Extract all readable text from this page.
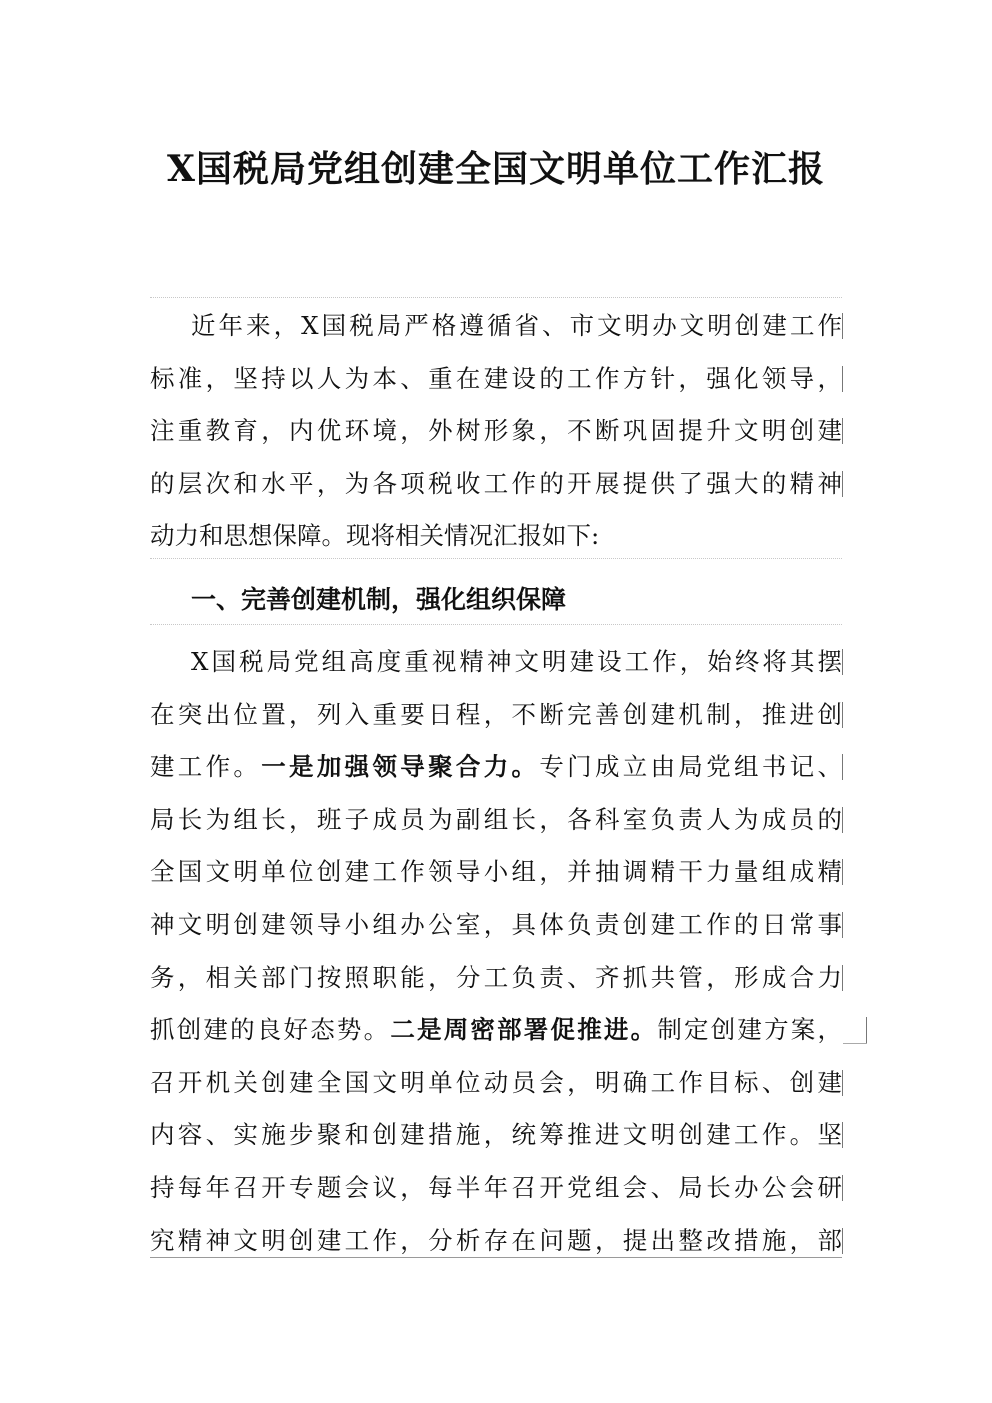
X国税局党组创建全国文明单位工作汇报
近年来，X国税局严格遵循省、市文明办文明创建工作
标准，坚持以人为本、重在建设的工作方针，强化领导，
注重教育，内优环境，外树形象，不断巩固提升文明创建
的层次和水平，为各项税收工作的开展提供了强大的精神
动力和思想保障。现将相关情况汇报如下:
一、完善创建机制，强化组织保障
X国税局党组高度重视精神文明建设工作，始终将其摆
在突出位置，列入重要日程，不断完善创建机制，推进创
建工作。一是加强领导聚合力。专门成立由局党组书记、
局长为组长，班子成员为副组长，各科室负责人为成员的
全国文明单位创建工作领导小组，并抽调精干力量组成精
神文明创建领导小组办公室，具体负责创建工作的日常事
务，相关部门按照职能，分工负责、齐抓共管，形成合力
抓创建的良好态势。二是周密部署促推进。制定创建方案，
召开机关创建全国文明单位动员会，明确工作目标、创建
内容、实施步聚和创建措施，统筹推进文明创建工作。坚
持每年召开专题会议，每半年召开党组会、局长办公会研
究精神文明创建工作，分析存在问题，提出整改措施，部
